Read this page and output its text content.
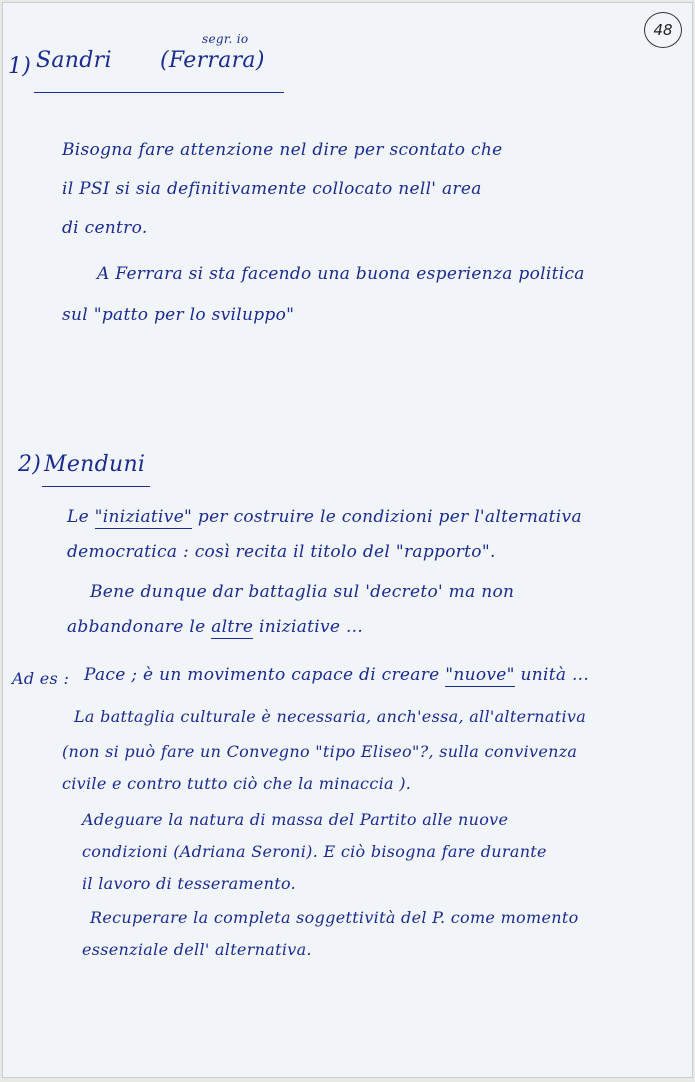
48
1) Sandri
segr. io
(Ferrara)
Bisogna fare attenzione nel dire per scontato che
il PSI si sia definitivamente collocato nell' area
di centro.
A Ferrara si sta facendo una buona esperienza politica
sul "patto per lo sviluppo"
2) Menduni
Le "iniziative" per costruire le condizioni per l'alternativa
democratica : così recita il titolo del "rapporto".
Bene dunque dar battaglia sul 'decreto' ma non
abbandonare le altre iniziative ...
Ad es : Pace ; è un movimento capace di creare "nuove" unità ...
La battaglia culturale è necessaria, anch'essa, all'alternativa
(non si può fare un Convegno "tipo Eliseo"?, sulla convivenza
civile e contro tutto ciò che la minaccia ).
Adeguare la natura di massa del Partito alle nuove
condizioni (Adriana Seroni). E ciò bisogna fare durante
il lavoro di tesseramento.
Recuperare la completa soggettività del P. come momento
essenziale dell' alternativa.
